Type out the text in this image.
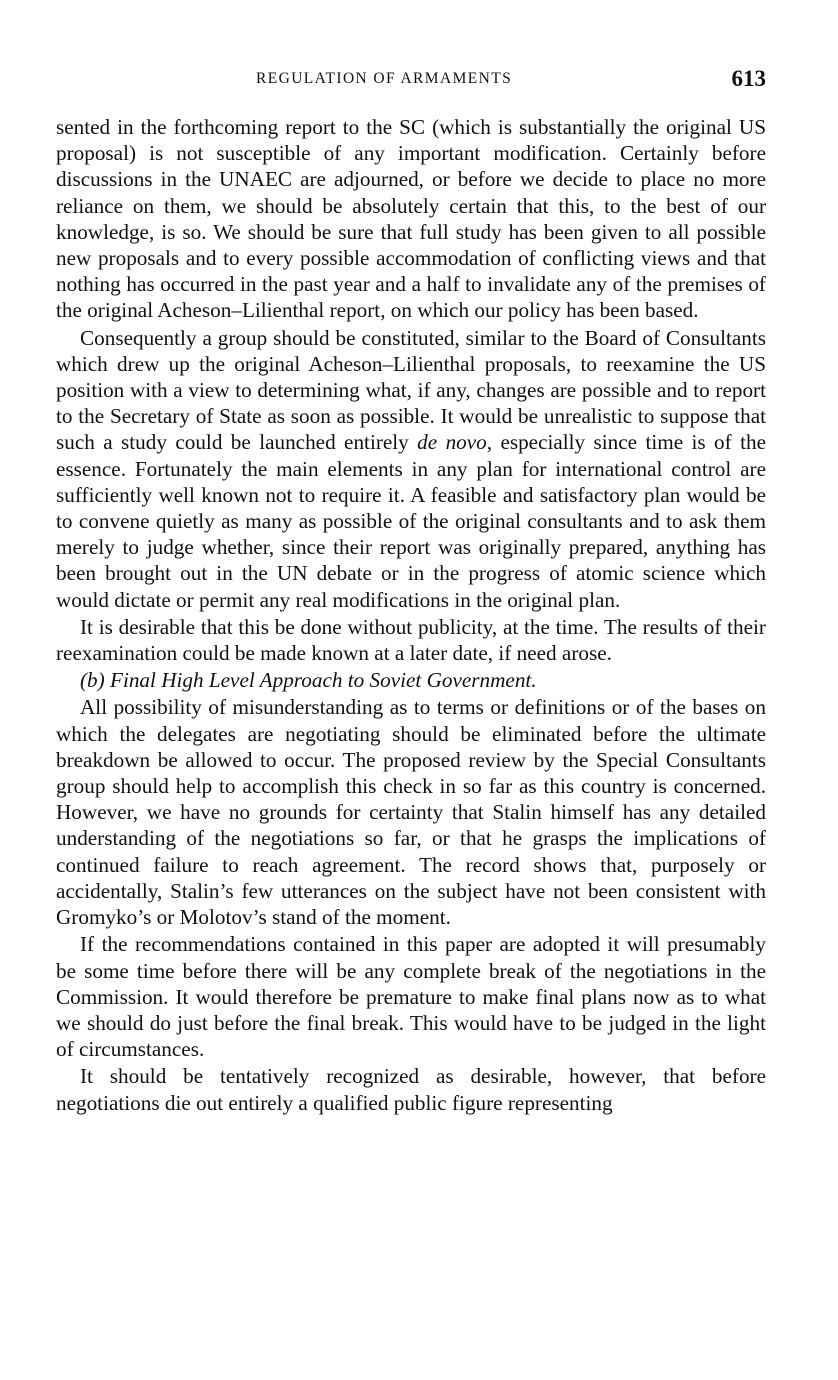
REGULATION OF ARMAMENTS	613

sented in the forthcoming report to the SC (which is substantially the original US proposal) is not susceptible of any important modification. Certainly before discussions in the UNAEC are adjourned, or before we decide to place no more reliance on them, we should be absolutely certain that this, to the best of our knowledge, is so. We should be sure that full study has been given to all possible new proposals and to every possible accommodation of conflicting views and that nothing has occurred in the past year and a half to invalidate any of the premises of the original Acheson–Lilienthal report, on which our policy has been based.

Consequently a group should be constituted, similar to the Board of Consultants which drew up the original Acheson–Lilienthal proposals, to reexamine the US position with a view to determining what, if any, changes are possible and to report to the Secretary of State as soon as possible. It would be unrealistic to suppose that such a study could be launched entirely de novo, especially since time is of the essence. Fortunately the main elements in any plan for international control are sufficiently well known not to require it. A feasible and satisfactory plan would be to convene quietly as many as possible of the original consultants and to ask them merely to judge whether, since their report was originally prepared, anything has been brought out in the UN debate or in the progress of atomic science which would dictate or permit any real modifications in the original plan.

It is desirable that this be done without publicity, at the time. The results of their reexamination could be made known at a later date, if need arose.

(b) Final High Level Approach to Soviet Government.

All possibility of misunderstanding as to terms or definitions or of the bases on which the delegates are negotiating should be eliminated before the ultimate breakdown be allowed to occur. The proposed review by the Special Consultants group should help to accomplish this check in so far as this country is concerned. However, we have no grounds for certainty that Stalin himself has any detailed understanding of the negotiations so far, or that he grasps the implications of continued failure to reach agreement. The record shows that, purposely or accidentally, Stalin’s few utterances on the subject have not been consistent with Gromyko’s or Molotov’s stand of the moment.

If the recommendations contained in this paper are adopted it will presumably be some time before there will be any complete break of the negotiations in the Commission. It would therefore be premature to make final plans now as to what we should do just before the final break. This would have to be judged in the light of circumstances.

It should be tentatively recognized as desirable, however, that before negotiations die out entirely a qualified public figure representing
